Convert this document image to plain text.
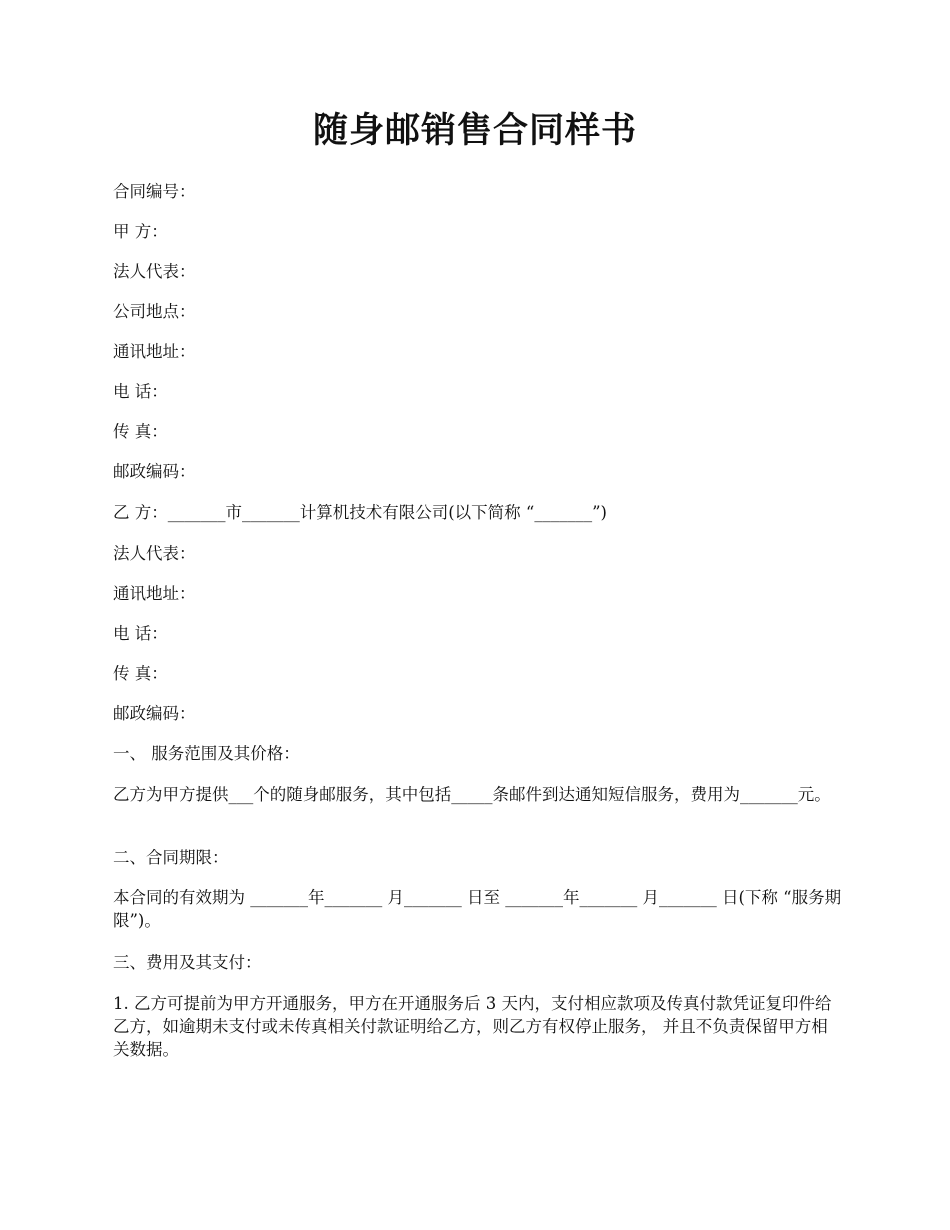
随身邮销售合同样书
合同编号：
甲 方：
法人代表：
公司地点：
通讯地址：
电 话：
传 真：
邮政编码：
乙 方：_______市_______计算机技术有限公司(以下简称 “_______”)
法人代表：
通讯地址：
电 话：
传 真：
邮政编码：
一、 服务范围及其价格：
乙方为甲方提供___个的随身邮服务，其中包括_____条邮件到达通知短信服务，费用为_______元。
二、合同期限：
本合同的有效期为 _______年_______ 月_______ 日至 _______年_______ 月_______ 日(下称 “服务期限”)。
三、费用及其支付：
1. 乙方可提前为甲方开通服务，甲方在开通服务后 3 天内，支付相应款项及传真付款凭证复印件给乙方，如逾期未支付或未传真相关付款证明给乙方，则乙方有权停止服务， 并且不负责保留甲方相关数据。
